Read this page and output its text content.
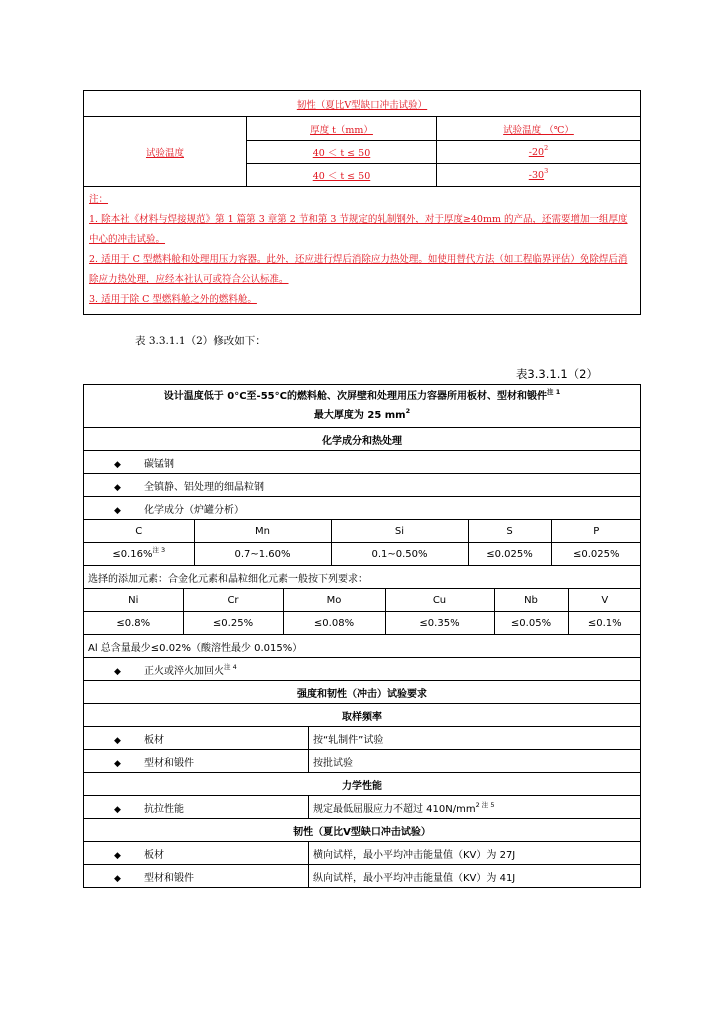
韧性（夏比Ⅴ型缺口冲击试验）		
试验温度	厚度 t（mm）	试验温度 （℃）
	40 ＜ t ≤ 50	$-20^2$
	40 ＜ t ≤ 50	$-30^3$

注：
1. 除本社《材料与焊接规范》第 1 篇第 3 章第 2 节和第 3 节规定的轧制钢外，对于厚度≥40mm 的产品，还需要增加一组厚度中心的冲击试验。
2. 适用于 C 型燃料舱和处理用压力容器。此外，还应进行焊后消除应力热处理。如使用替代方法（如工程临界评估）免除焊后消除应力热处理，应经本社认可或符合公认标准。
3. 适用于除 C 型燃料舱之外的燃料舱。		
表 3.3.1.1（2）修改如下：
表3.3.1.1（2）
设计温度低于 0°C至-55°C的燃料舱、次屏壁和处理用压力容器所用板材、型材和锻件$^{注 1}$
最大厚度为 25 $mm^2$
化学成分和热处理
◆ 碳锰钢
◆ 全镇静、铝处理的细晶粒钢
◆ 化学成分（炉罐分析）

C	Mn	Si	S	P
≤0.16%$^{注 3}$	0.7~1.60%	0.1~0.50%	≤0.025%	≤0.025%

选择的添加元素：合金化元素和晶粒细化元素一般按下列要求：

Ni	Cr	Mo	Cu	Nb	V
≤0.8%	≤0.25%	≤0.08%	≤0.35%	≤0.05%	≤0.1%

Al 总含量最少≤0.02%（酸溶性最少 0.015%）
◆ 正火或淬火加回火$^{注 4}$
强度和韧性（冲击）试验要求
取样频率
◆ 板材	按“轧制件”试验
◆ 型材和锻件	按批试验
力学性能
◆ 抗拉性能	规定最低屈服应力不超过 $410N/mm^{2 注 5}$
韧性（夏比Ⅴ型缺口冲击试验）
◆ 板材	横向试样，最小平均冲击能量值（KV）为 27J
◆ 型材和锻件	纵向试样，最小平均冲击能量值（KV）为 41J
